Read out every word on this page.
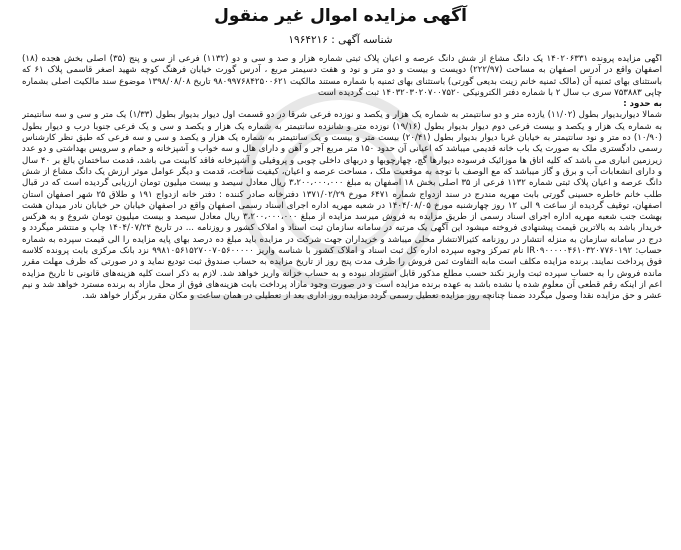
آگهی مزایده اموال غیر منقول
شناسه آگهی : ۱۹۶۴۲۱۶

آگهی مزایده پرونده ۱۴۰۲۰۶۳۳۱ یک دانگ مشاع از شش دانگ عرصه و اعیان پلاک ثبتی شماره هزار و صد و سی و دو (۱۱۳۲) فرعی از سی و پنج (۳۵) اصلی بخش هجده (۱۸) اصفهان واقع در آدرس اصفهان به مساحت (۲۲۲/۹۷) دویست و بیست و دو متر و نود و هفت دسیمتر مربع ، آدرس گورت خیابان فرهنگ کوچه شهید اصغر قاسمی پلاک ۶۱ که باستثنای بهای ثمنیه آن (مالک ثمنیه خانم زینت بدیعی گورتی) باستثنای بهای ثمنیه با شماره مستند مالکیت ۹۸۰۹۹۷۶۸۴۲۵۰۰۶۲۱ تاریخ ۱۳۹۸/۰۸/۰۸ موضوع سند مالکیت اصلی بشماره چاپی ۷۵۳۸۸۳ سری ب سال ۲ با شماره دفتر الکترونیکی ۱۴۰۳۲۰۳۰۲۰۷۰۰۷۵۲۰ ثبت گردیده است

به حدود :

شمالا دیواربدیوار بطول (۱۱/۰۲) یازده متر و دو سانتیمتر به شماره یک هزار و یکصد و نوزده فرعی شرقا در دو قسمت اول دیوار بدیوار بطول (۱/۳۳) یک متر و سی و سه سانتیمتر به شماره یک هزار و یکصد و بیست فرعی دوم دیوار بدیوار بطول (۱۹/۱۶) نوزده متر و شانزده سانتیمتر به شماره یک هزار و یکصد و سی و یک فرعی جنوبا درب و دیوار بطول (۱۰/۹۰) ده متر و نود سانتیمتر به خیابان غربا دیوار بدیوار بطول (۲۰/۴۱) بیست متر و بیست و یک سانتیمتر به شماره یک هزار و یکصد و سی و سه فرعی که طبق نظر کارشناس رسمی دادگستری ملک به صورت یک باب خانه قدیمی میباشد که اعیانی آن حدود ۱۵۰ متر مربع آجر و آهن و دارای هال و سه خواب و آشپزخانه و حمام و سرویس بهداشتی و دو عدد زیرزمین انباری می باشد که کلیه اتاق ها موزائیک فرسوده دیوارها گچ، چهارچوبها و دربهای داخلی چوبی و پروفیلی و آشپزخانه فاقد کابینت می باشد، قدمت ساختمان بالغ بر ۴۰ سال و دارای انشعابات آب و برق و گاز میباشد که مع الوصف با توجه به موقعیت ملک ، مساحت عرصه و اعیان، کیفیت ساخت، قدمت و دیگر عوامل موثر ارزش یک دانگ مشاع از شش دانگ عرصه و اعیان پلاک ثبتی شماره ۱۱۳۲ فرعی از ۳۵ اصلی بخش ۱۸ اصفهان به مبلغ ۳،۲۰۰،۰۰۰،۰۰۰ ریال معادل سیصد و بیست میلیون تومان ارزیابی گردیده است که در قبال طلب خانم خاطره حسینی گورتی بابت مهریه مندرج در سند ازدواج شماره ۶۴۷۱ مورخ ۱۳۷۱/۰۲/۲۹ دفترخانه صادر کننده : دفتر خانه ازدواج ۱۹۱ و طلاق ۲۵ شهر اصفهان استان اصفهان، توقیف گردیده از ساعت ۹ الی ۱۲ روز چهارشنبه مورخ ۱۴۰۴/۰۸/۰۵ در شعبه مهریه اداره اجرای اسناد رسمی اصفهان واقع در اصفهان خیابان حر خیابان نادر میدان هشت بهشت جنب شعبه مهریه اداره اجرای اسناد رسمی از طریق مزایده به فروش میرسد مزایده از مبلغ ۳،۲۰۰،۰۰۰،۰۰۰ ریال معادل سیصد و بیست میلیون تومان شروع و به هرکس خریدار باشد به بالاترین قیمت پیشنهادی فروخته میشود این آگهی یک مرتبه در سامانه سازمان ثبت اسناد و املاک کشور و روزنامه ... در تاریخ ۱۴۰۴/۰۷/۲۴ چاپ و منتشر میگردد و درج در سامانه سازمان به منزله انتشار در روزنامه کثیرالانتشار محلی میباشد و خریداران جهت شرکت در مزایده باید مبلغ ده درصد بهای پایه مزایده را الی قیمت سپرده به شماره حساب: IR۰۹۰۰۰۰۰۴۶۱۰۳۲۰۷۷۶۰۱۹۲ نام تمرکز وجوه سپرده اداره کل ثبت اسناد و املاک کشور با شناسه واریز ۹۹۸۱۰۵۶۱۵۲۷۰۰۷۰۵۶۰۰۰۰۰ نزد بانک مرکزی بابت پرونده کلاسه فوق پرداخت نمایند. برنده مزایده مکلف است مابه التفاوت ثمن فروش را ظرف مدت پنج روز از تاریخ مزایده به حساب صندوق ثبت تودیع نماید و در صورتی که ظرف مهلت مقرر مانده فروش را به حساب سپرده ثبت واریز نکند حسب مطلع مذکور قابل استرداد نبوده و به حساب خزانه واریز خواهد شد. لازم به ذکر است کلیه هزینه‌های قانونی تا تاریخ مزایده اعم از اینکه رقم قطعی آن معلوم شده یا نشده باشد به عهده برنده مزایده است و در صورت وجود مازاد پرداخت بابت هزینه‌های فوق از محل مازاد به برنده مسترد خواهد شد و نیم عشر و حق مزایده نقدا وصول میگردد ضمنا چنانچه روز مزایده تعطیل رسمی گردد مزایده روز اداری بعد از تعطیلی در همان ساعت و مکان مقرر برگزار خواهد شد.
